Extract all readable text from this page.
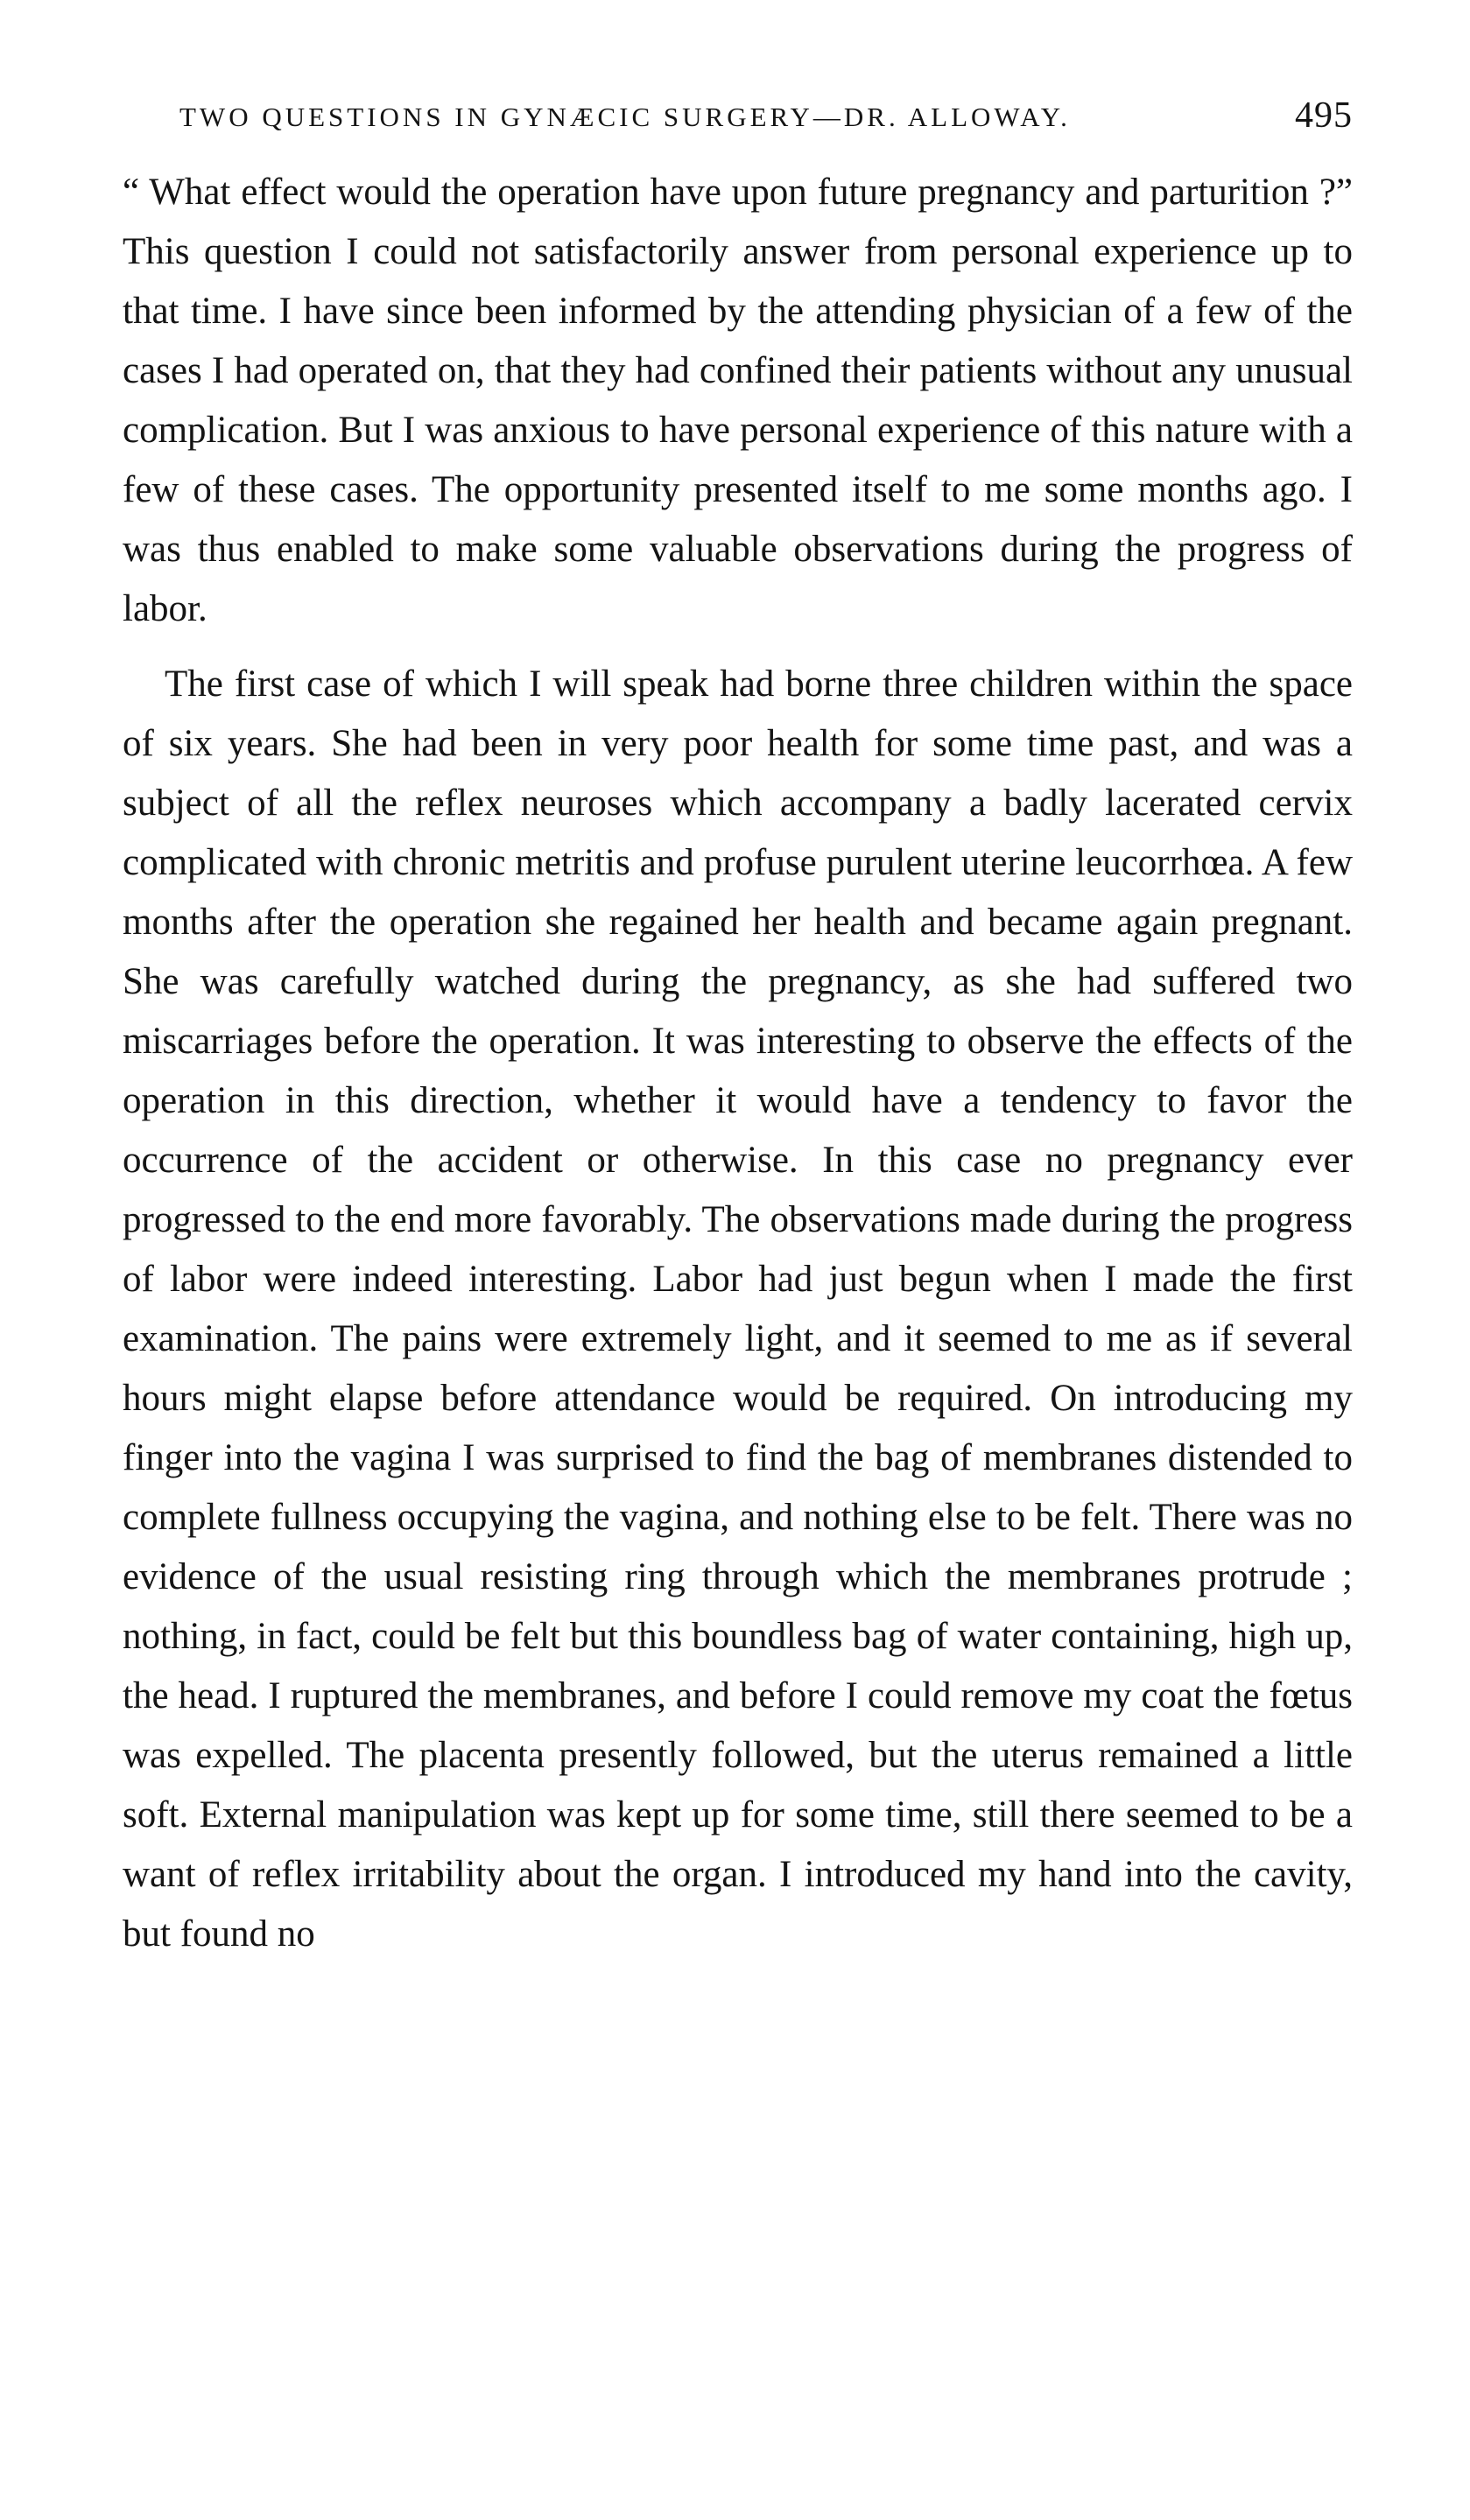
TWO QUESTIONS IN GYNÆCIC SURGERY—DR. ALLOWAY.	495

“ What effect would the operation have upon future pregnancy and parturition ?” This question I could not satisfactorily answer from personal experience up to that time. I have since been informed by the attending physician of a few of the cases I had operated on, that they had confined their patients without any unusual complication. But I was anxious to have personal experience of this nature with a few of these cases. The opportunity presented itself to me some months ago. I was thus enabled to make some valuable observations during the progress of labor.

The first case of which I will speak had borne three children within the space of six years. She had been in very poor health for some time past, and was a subject of all the reflex neuroses which accompany a badly lacerated cervix complicated with chronic metritis and profuse purulent uterine leucorrhœa. A few months after the operation she regained her health and became again pregnant. She was carefully watched during the pregnancy, as she had suffered two miscarriages before the operation. It was interesting to observe the effects of the operation in this direction, whether it would have a tendency to favor the occurrence of the accident or otherwise. In this case no pregnancy ever progressed to the end more favorably. The observations made during the progress of labor were indeed interesting. Labor had just begun when I made the first examination. The pains were extremely light, and it seemed to me as if several hours might elapse before attendance would be required. On introducing my finger into the vagina I was surprised to find the bag of membranes distended to complete fullness occupying the vagina, and nothing else to be felt. There was no evidence of the usual resisting ring through which the membranes protrude ; nothing, in fact, could be felt but this boundless bag of water containing, high up, the head. I ruptured the membranes, and before I could remove my coat the fœtus was expelled. The placenta presently followed, but the uterus remained a little soft. External manipulation was kept up for some time, still there seemed to be a want of reflex irritability about the organ. I introduced my hand into the cavity, but found no
